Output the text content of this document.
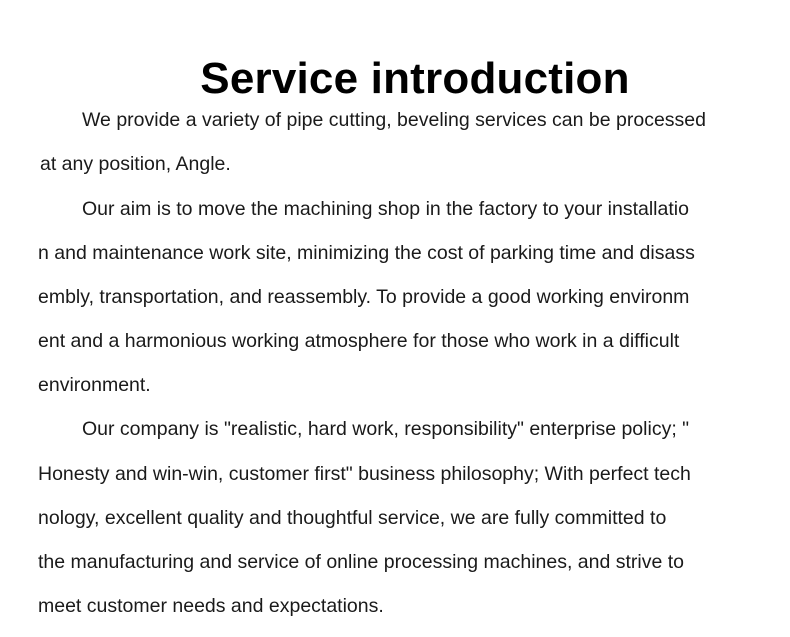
Service introduction
We provide a variety of pipe cutting, beveling services can be processed
at any position, Angle.
Our aim is to move the machining shop in the factory to your installatio
n and maintenance work site, minimizing the cost of parking time and disass
embly, transportation, and reassembly. To provide a good working environm
ent and a harmonious working atmosphere for those who work in a difficult
environment.
Our company is "realistic, hard work, responsibility" enterprise policy; "
Honesty and win-win, customer first" business philosophy; With perfect tech
nology, excellent quality and thoughtful service, we are fully committed to
the manufacturing and service of online processing machines, and strive to
meet customer needs and expectations.
